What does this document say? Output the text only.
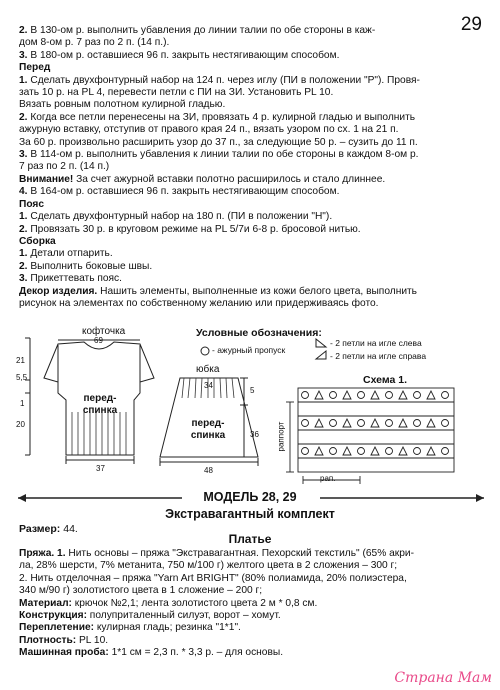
29

2. В 130-ом р. выполнить убавления до линии талии по обе стороны в каж-

дом 8-ом р. 7 раз по 2 п. (14 п.).

3. В 180-ом р. оставшиеся 96 п. закрыть нестягивающим способом.

Перед

1. Сделать двухфонтурный набор на 124 п. через иглу (ПИ в положении "Р"). Провя-

зать 10 р. на PL 4, перевести петли с ПИ на ЗИ. Установить PL 10.

Вязать ровным полотном кулирной гладью.

2. Когда все петли перенесены на ЗИ, провязать 4 р. кулирной гладью и выполнить

ажурную вставку, отступив от правого края 24 п., вязать узором по сх. 1 на 21 п.

За 60 р. произвольно расширить узор до 37 п., за следующие 50 р. – сузить до 11 п.

3. В 114-ом р. выполнить убавления к линии талии по обе стороны в каждом 8-ом р.

7 раз по 2 п. (14 п.)

Внимание! За счет ажурной вставки полотно расширилось и стало длиннее.

4. В 164-ом р. оставшиеся 96 п. закрыть нестягивающим способом.

Пояс

1. Сделать двухфонтурный набор на 180 п. (ПИ в положении "Н").

2. Провязать 30 р. в круговом режиме на PL 5/7и 6-8 р. бросовой нитью.

Сборка

1. Детали отпарить.

2. Выполнить боковые швы.

3. Прикеттевать пояс.

Декор изделия. Нашить элементы, выполненные из кожи белого цвета, выполнить

рисунок на элементах по собственному желанию или придерживаясь фото.

кофточка
69
перед-спинка
5,5
21
1
20
37
юбка
34
перед-спинка	36
5
48
Условные обозначения:
- ажурный пропуск
- 2 петли на игле слева
- 2 петли на игле справа
Схема 1.
раппорт
рап.
МОДЕЛЬ 28, 29
Экстравагантный комплект
Размер: 44.
Платье

Пряжа. 1. Нить основы – пряжа "Экстравагантная. Пехорский текстиль" (65% акри-

ла, 28% шерсти, 7% метанита, 750 м/100 г) желтого цвета в 2 сложения – 300 г;

2. Нить отделочная – пряжа "Yarn Art BRIGHT" (80% полиамида, 20% полиэстера,

340 м/90 г) золотистого цвета в 1 сложение – 200 г;

Материал: крючок №2,1; лента золотистого цвета 2 м * 0,8 см.

Конструкция: полуприталенный силуэт, ворот – хомут.

Переплетение: кулирная гладь; резинка "1*1".

Плотность: PL 10.

Машинная проба: 1*1 см = 2,3 п. * 3,3 р. – для основы.

Страна Мам
